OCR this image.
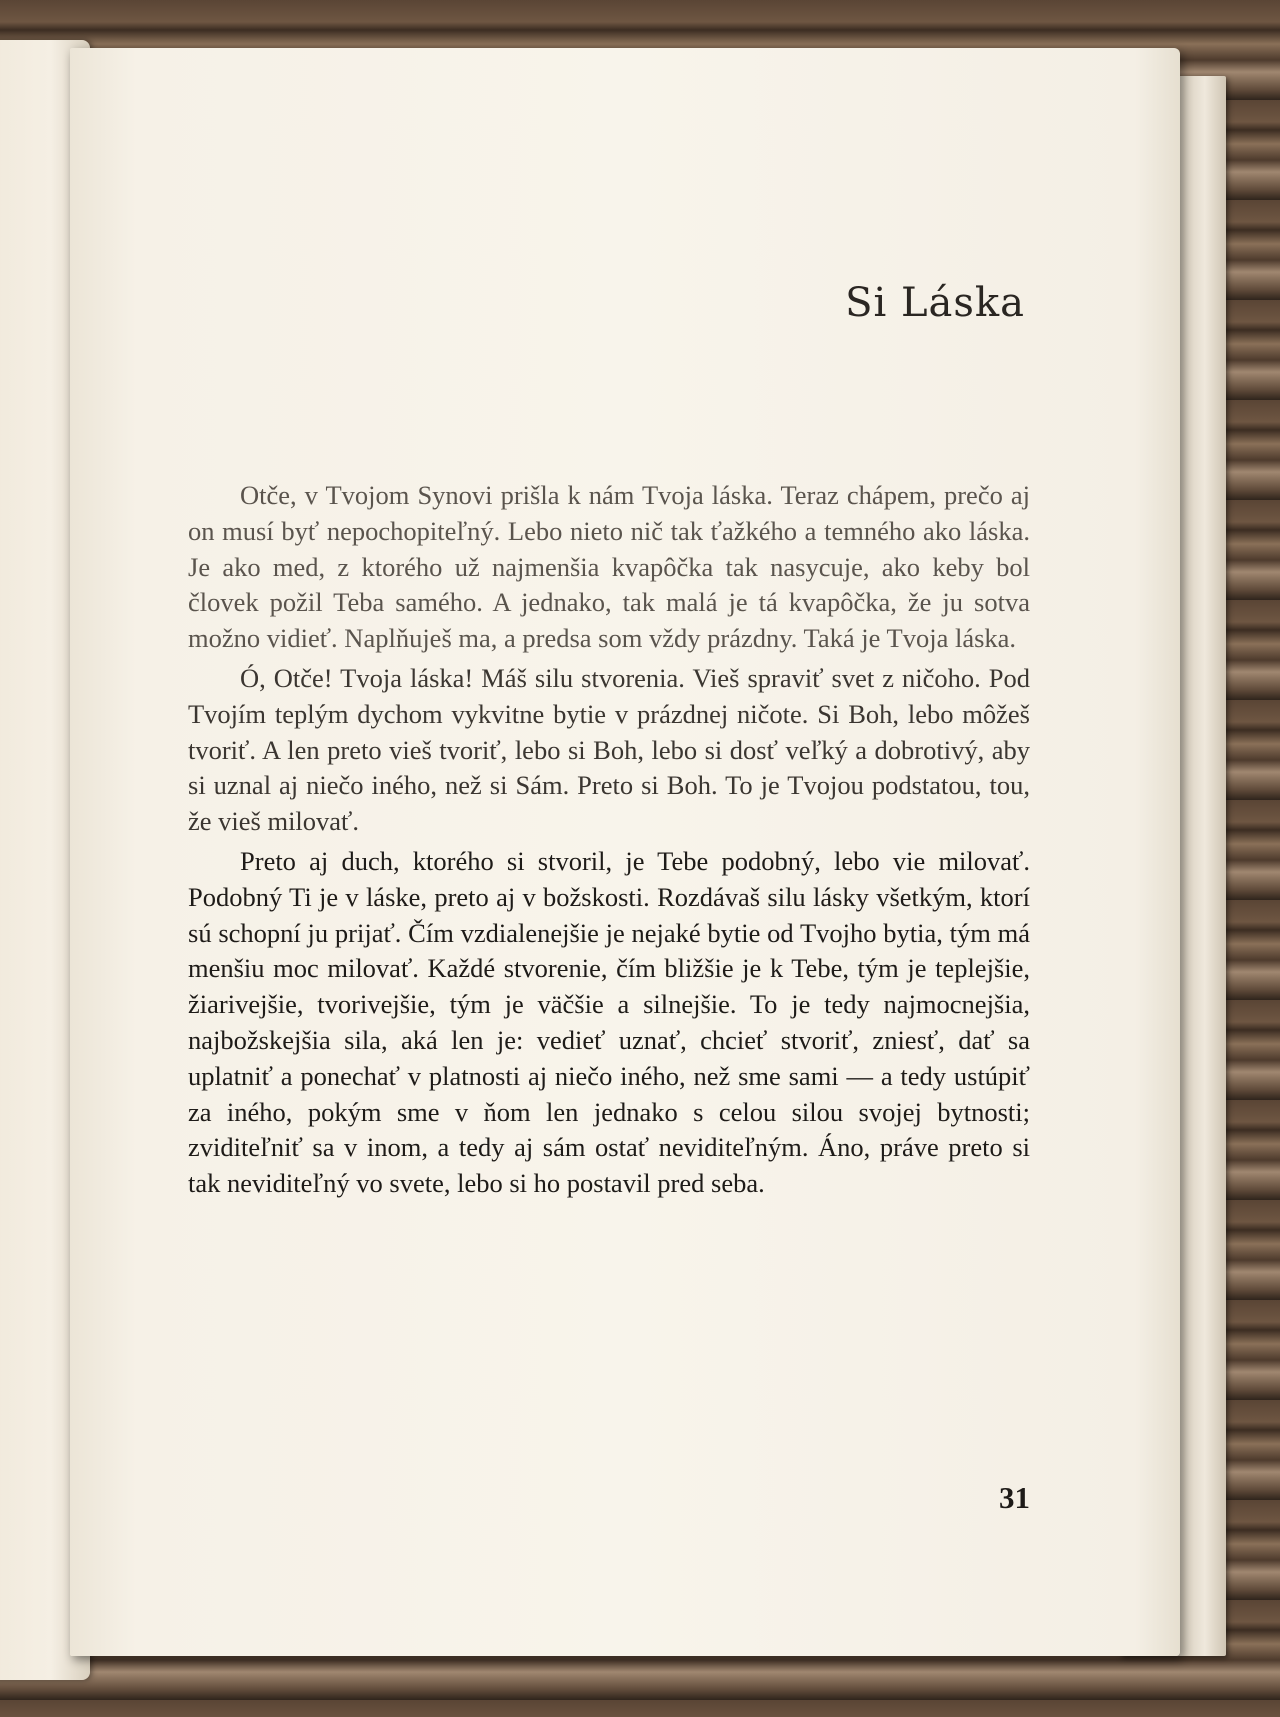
Si Láska

Otče, v Tvojom Synovi prišla k nám Tvoja láska. Teraz chápem, prečo aj on musí byť nepochopiteľný. Lebo nieto nič tak ťažkého a temného ako láska. Je ako med, z ktorého už najmenšia kvapôčka tak nasycuje, ako keby bol človek požil Teba samého. A jednako, tak malá je tá kvapôčka, že ju sotva možno vidieť. Naplňuješ ma, a predsa som vždy prázdny. Taká je Tvoja láska.

Ó, Otče! Tvoja láska! Máš silu stvorenia. Vieš spraviť svet z ničoho. Pod Tvojím teplým dychom vykvitne bytie v prázdnej ničote. Si Boh, lebo môžeš tvoriť. A len preto vieš tvoriť, lebo si Boh, lebo si dosť veľký a dobrotivý, aby si uznal aj niečo iného, než si Sám. Preto si Boh. To je Tvojou podstatou, tou, že vieš milovať.

Preto aj duch, ktorého si stvoril, je Tebe podobný, lebo vie milovať. Podobný Ti je v láske, preto aj v božskosti. Rozdávaš silu lásky všetkým, ktorí sú schopní ju prijať. Čím vzdialenejšie je nejaké bytie od Tvojho bytia, tým má menšiu moc milovať. Každé stvorenie, čím bližšie je k Tebe, tým je teplejšie, žiarivejšie, tvorivejšie, tým je väčšie a silnejšie. To je tedy najmocnejšia, najbožskejšia sila, aká len je: vedieť uznať, chcieť stvoriť, zniesť, dať sa uplatniť a ponechať v platnosti aj niečo iného, než sme sami — a tedy ustúpiť za iného, pokým sme v ňom len jednako s celou silou svojej bytnosti; zviditeľniť sa v inom, a tedy aj sám ostať neviditeľným. Áno, práve preto si tak neviditeľný vo svete, lebo si ho postavil pred seba.

31
